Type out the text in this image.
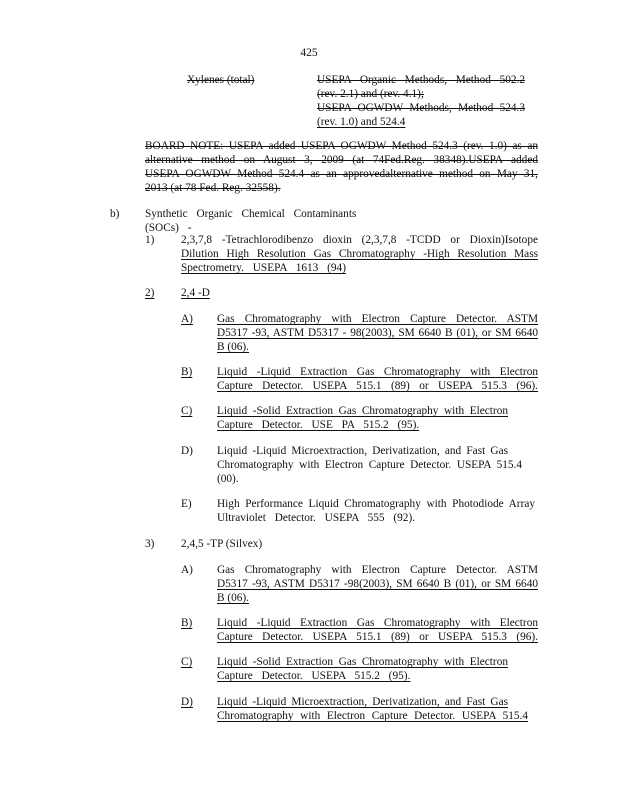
425
Xylenes (total)	USEPA Organic Methods, Method 502.2
(rev. 2.1) and (rev. 4.1);
USEPA OGWDW Methods, Method 524.3
(rev. 1.0) and 524.4
BOARD NOTE: USEPA added USEPA OGWDW Method 524.3 (rev. 1.0) as an
alternative method on August 3, 2009 (at 74Fed.Reg. 38348).USEPA added
USEPA OGWDW Method 524.4 as an approvedalternative method on May 31,
2013 (at 78 Fed. Reg. 32558).
b) Synthetic Organic Chemical Contaminants (SOCs) -
1) 2,3,7,8 -Tetrachlorodibenzo dioxin (2,3,7,8 -TCDD or Dioxin)Isotope
Dilution High Resolution Gas Chromatography -High Resolution Mass
Spectrometry. USEPA 1613 (94)
2) 2,4 -D
A) Gas Chromatography with Electron Capture Detector. ASTM
D5317 -93, ASTM D5317 - 98(2003), SM 6640 B (01), or SM 6640
B (06).
B) Liquid -Liquid Extraction Gas Chromatography with Electron
Capture Detector. USEPA 515.1 (89) or USEPA 515.3 (96).
C) Liquid -Solid Extraction Gas Chromatography with Electron
Capture Detector. USE PA 515.2 (95).
D) Liquid -Liquid Microextraction, Derivatization, and Fast Gas
Chromatography with Electron Capture Detector. USEPA 515.4
(00).
E) High Performance Liquid Chromatography with Photodiode Array
Ultraviolet Detector. USEPA 555 (92).
3) 2,4,5 -TP (Silvex)
A) Gas Chromatography with Electron Capture Detector. ASTM
D5317 -93, ASTM D5317 -98(2003), SM 6640 B (01), or SM 6640
B (06).
B) Liquid -Liquid Extraction Gas Chromatography with Electron
Capture Detector. USEPA 515.1 (89) or USEPA 515.3 (96).
C) Liquid -Solid Extraction Gas Chromatography with Electron
Capture Detector. USEPA 515.2 (95).
D) Liquid -Liquid Microextraction, Derivatization, and Fast Gas
Chromatography with Electron Capture Detector. USEPA 515.4
